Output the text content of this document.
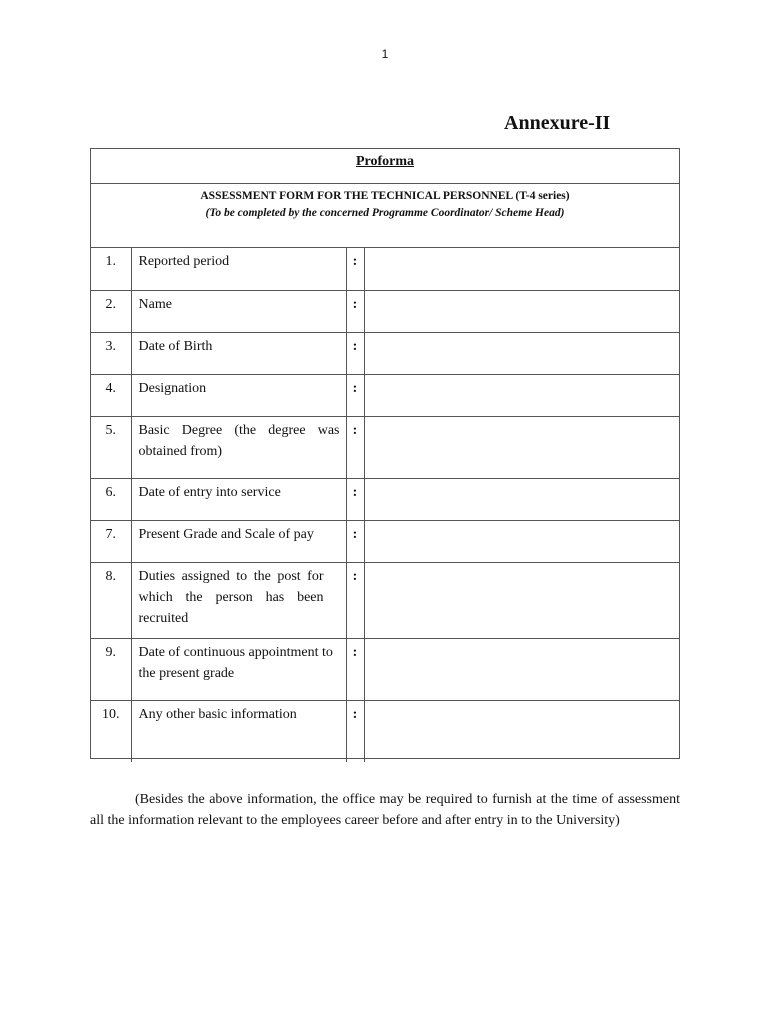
1
Annexure-II
Proforma
ASSESSMENT FORM FOR THE TECHNICAL PERSONNEL (T-4 series)
(To be completed by the concerned Programme Coordinator/ Scheme Head)
1.	Reported period	:	

2.	Name	:	

3.	Date of Birth	:	

4.	Designation	:	

5.	Basic Degree (the degree was obtained from)	:	

6.	Date of entry into service	:	

7.	Present Grade and Scale of pay	:	

8.	Duties assigned to the post for which the person has been recruited	:	

9.	Date of continuous appointment to the present grade	:	

10.	Any other basic information	:	

(Besides the above information, the office may be required to furnish at the time of assessment all the information relevant to the employees career before and after entry in to the University)
